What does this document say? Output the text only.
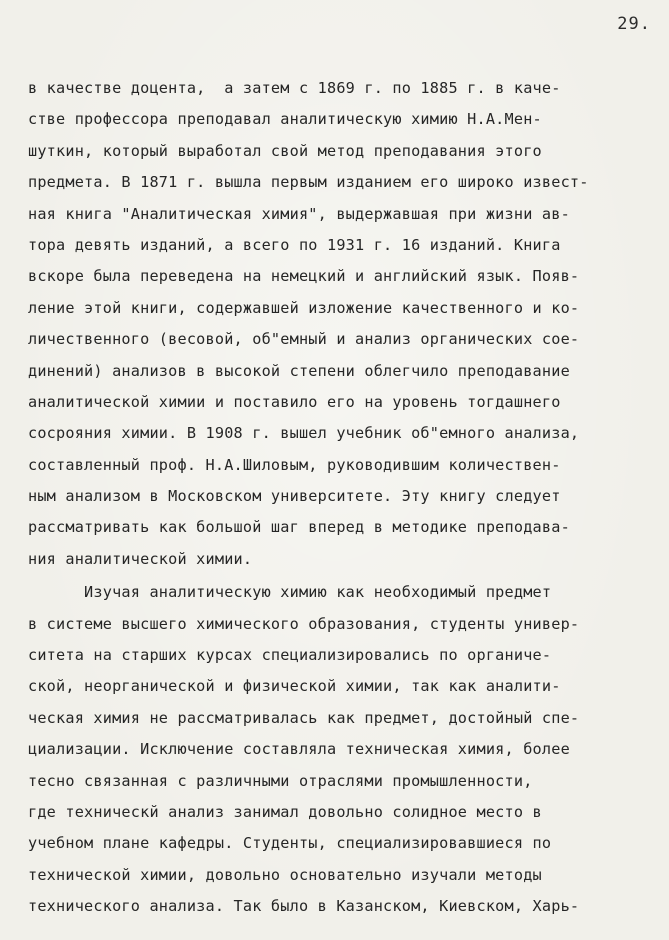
29.
в качестве доцента,  а затем с 1869 г. по 1885 г. в каче-
стве профессора преподавал аналитическую химию Н.А.Мен-
шуткин, который выработал свой метод преподавания этого
предмета. В 1871 г. вышла первым изданием его широко извест-
ная книга "Аналитическая химия", выдержавшая при жизни ав-
тора девять изданий, а всего по 1931 г. 16 изданий. Книга
вскоре была переведена на немецкий и английский язык. Появ-
ление этой книги, содержавшей изложение качественного и ко-
личественного (весовой, об"емный и анализ органических сое-
динений) анализов в высокой степени облегчило преподавание
аналитической химии и поставило его на уровень тогдашнего
сосрояния химии. В 1908 г. вышел учебник об"емного анализа,
составленный проф. Н.А.Шиловым, руководившим количествен-
ным анализом в Московском университете. Эту книгу следует
рассматривать как большой шаг вперед в методике преподава-
ния аналитической химии.
Изучая аналитическую химию как необходимый предмет
в системе высшего химического образования, студенты универ-
ситета на старших курсах специализировались по органиче-
ской, неорганической и физической химии, так как аналити-
ческая химия не рассматривалась как предмет, достойный спе-
циализации. Исключение составляла техническая химия, более
тесно связанная с различными отраслями промышленности,
где техническй анализ занимал довольно солидное место в
учебном плане кафедры. Студенты, специализировавшиеся по
технической химии, довольно основательно изучали методы
технического анализа. Так было в Казанском, Киевском, Харь-
